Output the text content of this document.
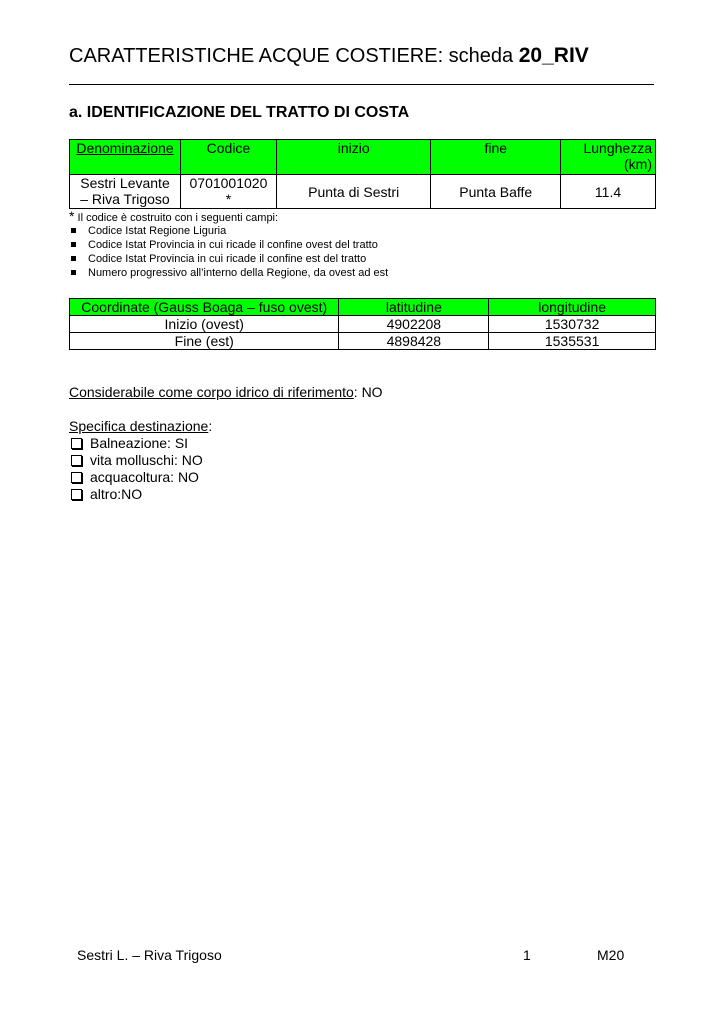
CARATTERISTICHE ACQUE COSTIERE: scheda 20_RIV
a. IDENTIFICAZIONE DEL TRATTO DI COSTA
Denominazione	Codice	inizio	fine	Lunghezza
(km)
Sestri Levante
– Riva Trigoso	0701001020
*	Punta di Sestri	Punta Baffe	11.4
* Il codice è costruito con i seguenti campi:
Codice Istat Regione Liguria
Codice Istat Provincia in cui ricade il confine ovest del tratto
Codice Istat Provincia in cui ricade il confine est del tratto
Numero progressivo all’interno della Regione, da ovest ad est
Coordinate (Gauss Boaga – fuso ovest)	latitudine	longitudine
Inizio (ovest)	4902208	1530732
Fine (est)	4898428	1535531
Considerabile come corpo idrico di riferimento: NO
Specifica destinazione:
Balneazione: SI
vita molluschi: NO
acquacoltura: NO
altro:NO
Sestri L. – Riva Trigoso	1	M20
